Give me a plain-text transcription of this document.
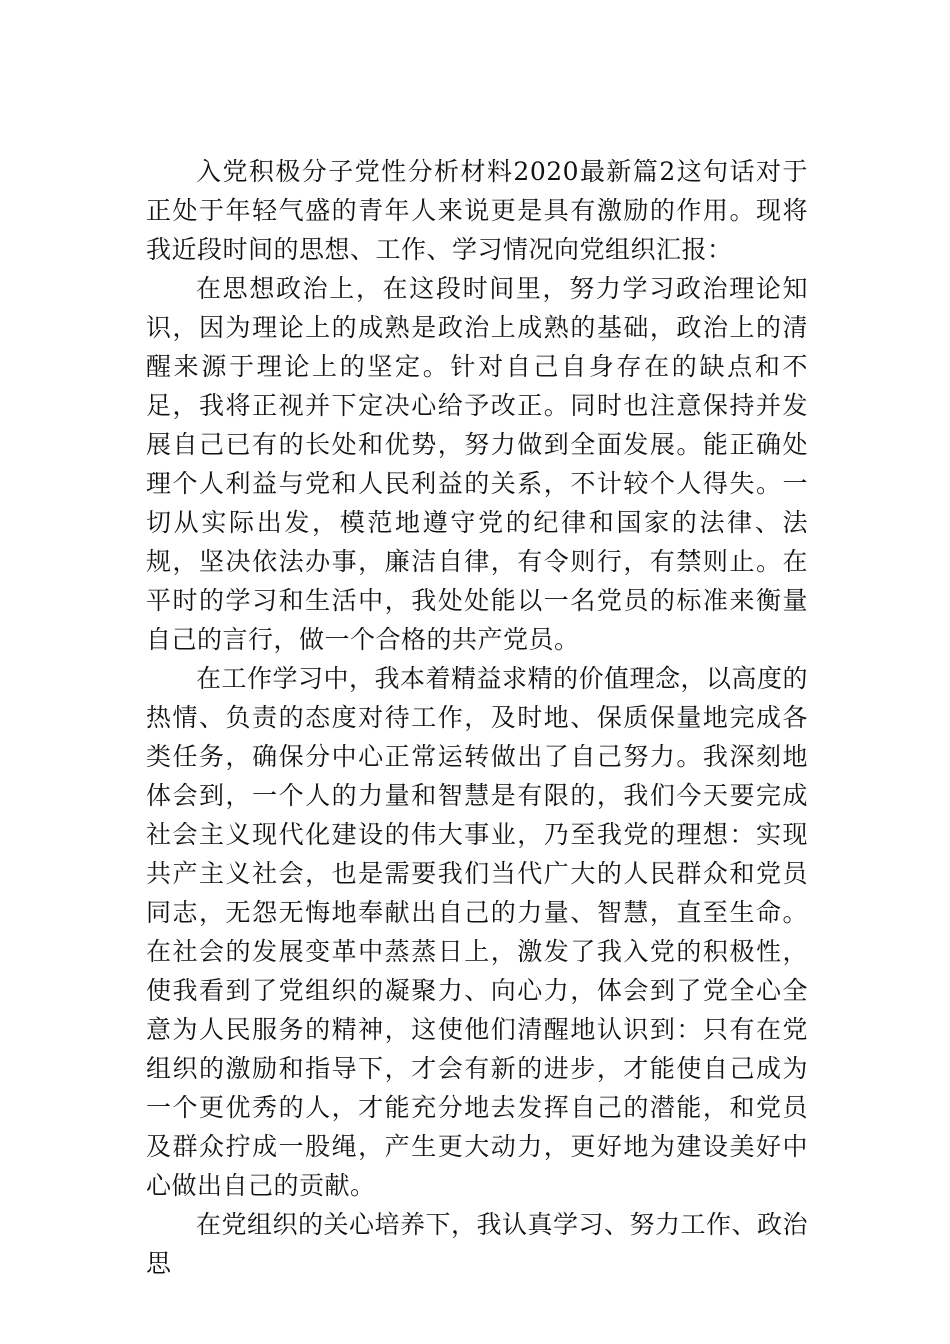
入党积极分子党性分析材料2020最新篇2这句话对于正处于年轻气盛的青年人来说更是具有激励的作用。现将我近段时间的思想、工作、学习情况向党组织汇报：

在思想政治上，在这段时间里，努力学习政治理论知识，因为理论上的成熟是政治上成熟的基础，政治上的清醒来源于理论上的坚定。针对自己自身存在的缺点和不足，我将正视并下定决心给予改正。同时也注意保持并发展自己已有的长处和优势，努力做到全面发展。能正确处理个人利益与党和人民利益的关系，不计较个人得失。一切从实际出发，模范地遵守党的纪律和国家的法律、法规，坚决依法办事，廉洁自律，有令则行，有禁则止。在平时的学习和生活中，我处处能以一名党员的标准来衡量自己的言行，做一个合格的共产党员。

在工作学习中，我本着精益求精的价值理念，以高度的热情、负责的态度对待工作，及时地、保质保量地完成各类任务，确保分中心正常运转做出了自己努力。我深刻地体会到，一个人的力量和智慧是有限的，我们今天要完成社会主义现代化建设的伟大事业，乃至我党的理想：实现共产主义社会，也是需要我们当代广大的人民群众和党员同志，无怨无悔地奉献出自己的力量、智慧，直至生命。在社会的发展变革中蒸蒸日上，激发了我入党的积极性，使我看到了党组织的凝聚力、向心力，体会到了党全心全意为人民服务的精神，这使他们清醒地认识到：只有在党组织的激励和指导下，才会有新的进步，才能使自己成为一个更优秀的人，才能充分地去发挥自己的潜能，和党员及群众拧成一股绳，产生更大动力，更好地为建设美好中心做出自己的贡献。

在党组织的关心培养下，我认真学习、努力工作、政治思
